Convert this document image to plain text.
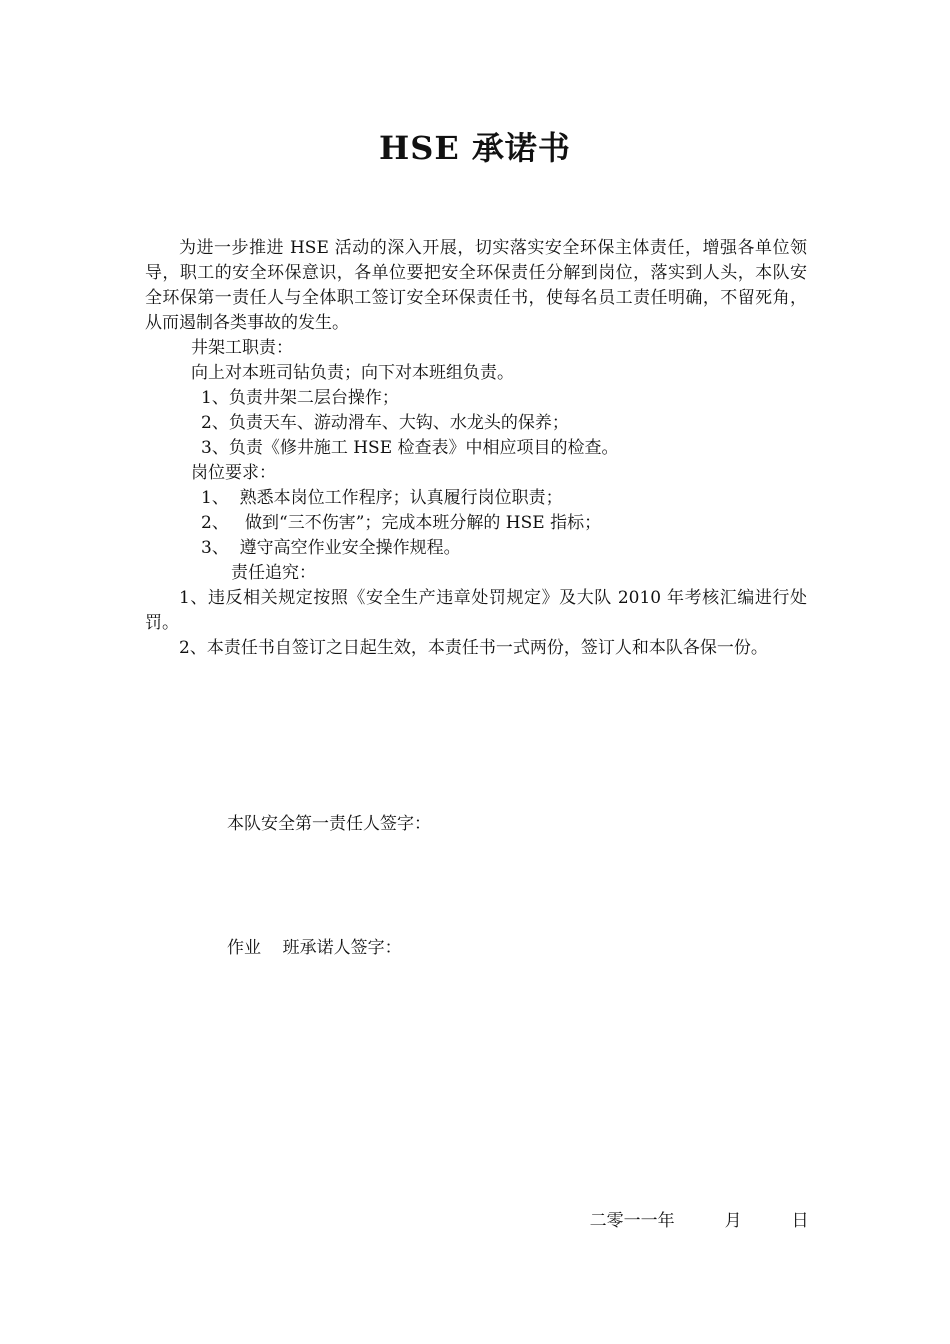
HSE 承诺书

为进一步推进 HSE 活动的深入开展，切实落实安全环保主体责任，增强各单位领导，职工的安全环保意识，各单位要把安全环保责任分解到岗位，落实到人头，本队安全环保第一责任人与全体职工签订安全环保责任书，使每名员工责任明确，不留死角，从而遏制各类事故的发生。

井架工职责：

向上对本班司钻负责；向下对本班组负责。

1、负责井架二层台操作；

2、负责天车、游动滑车、大钩、水龙头的保养；

3、负责《修井施工 HSE 检查表》中相应项目的检查。

岗位要求：

1、  熟悉本岗位工作程序；认真履行岗位职责；

2、   做到“三不伤害”；完成本班分解的 HSE 指标；

3、  遵守高空作业安全操作规程。

责任追究：

1、违反相关规定按照《安全生产违章处罚规定》及大队 2010 年考核汇编进行处罚。

2、本责任书自签订之日起生效，本责任书一式两份，签订人和本队各保一份。

本队安全第一责任人签字：
作业    班承诺人签字：

二零一一年	月	日
